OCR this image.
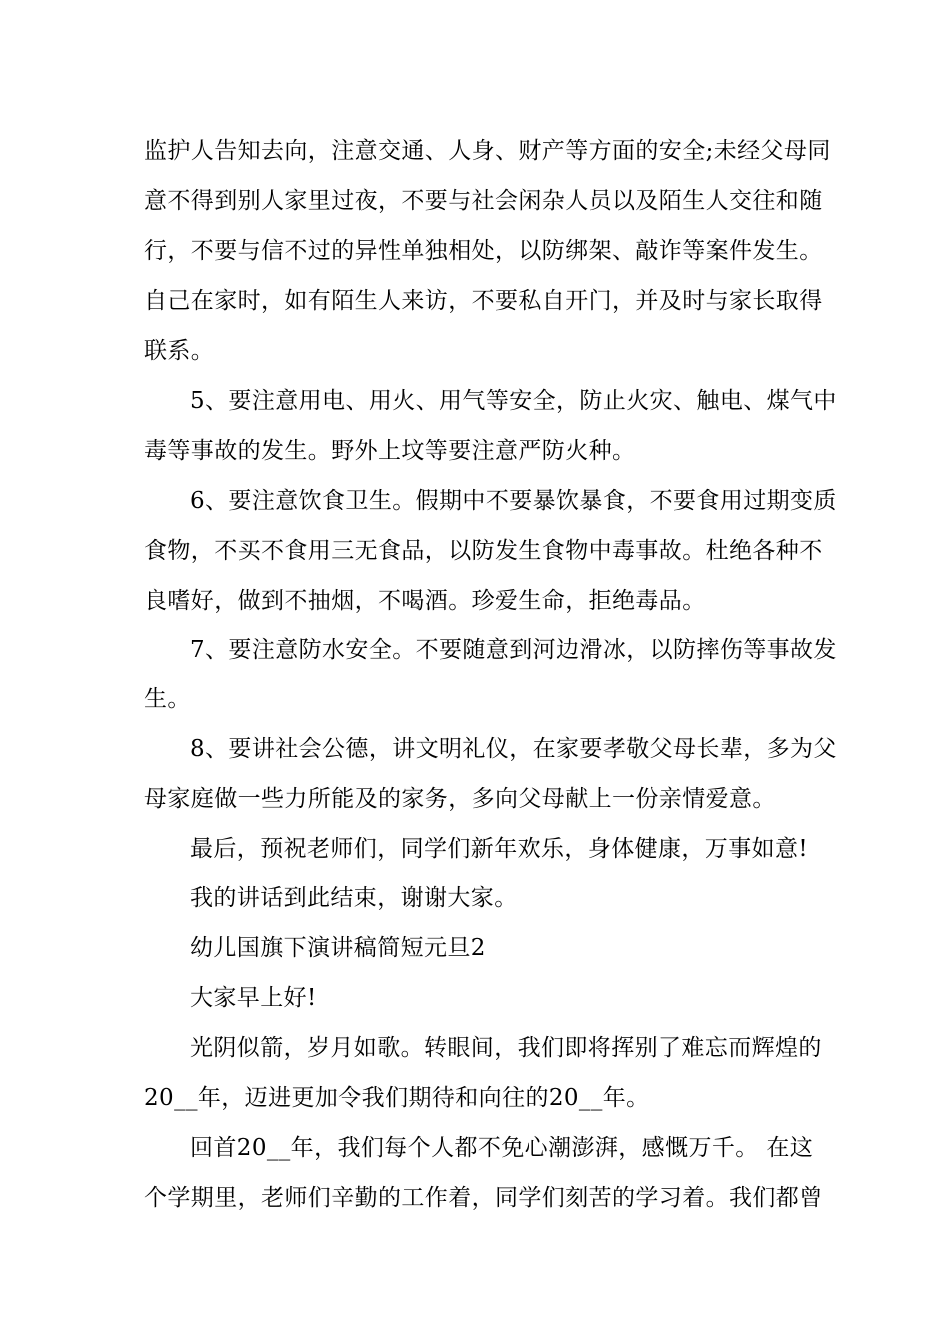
监护人告知去向，注意交通、人身、财产等方面的安全;未经父母同
意不得到别人家里过夜，不要与社会闲杂人员以及陌生人交往和随
行，不要与信不过的异性单独相处，以防绑架、敲诈等案件发生。
自己在家时，如有陌生人来访，不要私自开门，并及时与家长取得
联系。
5、要注意用电、用火、用气等安全，防止火灾、触电、煤气中
毒等事故的发生。野外上坟等要注意严防火种。
6、要注意饮食卫生。假期中不要暴饮暴食，不要食用过期变质
食物，不买不食用三无食品，以防发生食物中毒事故。杜绝各种不
良嗜好，做到不抽烟，不喝酒。珍爱生命，拒绝毒品。
7、要注意防水安全。不要随意到河边滑冰，以防摔伤等事故发
生。
8、要讲社会公德，讲文明礼仪，在家要孝敬父母长辈，多为父
母家庭做一些力所能及的家务，多向父母献上一份亲情爱意。
最后，预祝老师们，同学们新年欢乐，身体健康，万事如意!
我的讲话到此结束，谢谢大家。
幼儿国旗下演讲稿简短元旦2
大家早上好!
光阴似箭，岁月如歌。转眼间，我们即将挥别了难忘而辉煌的
20__年，迈进更加令我们期待和向往的20__年。
回首20__年，我们每个人都不免心潮澎湃，感慨万千。 在这
个学期里，老师们辛勤的工作着，同学们刻苦的学习着。我们都曾
